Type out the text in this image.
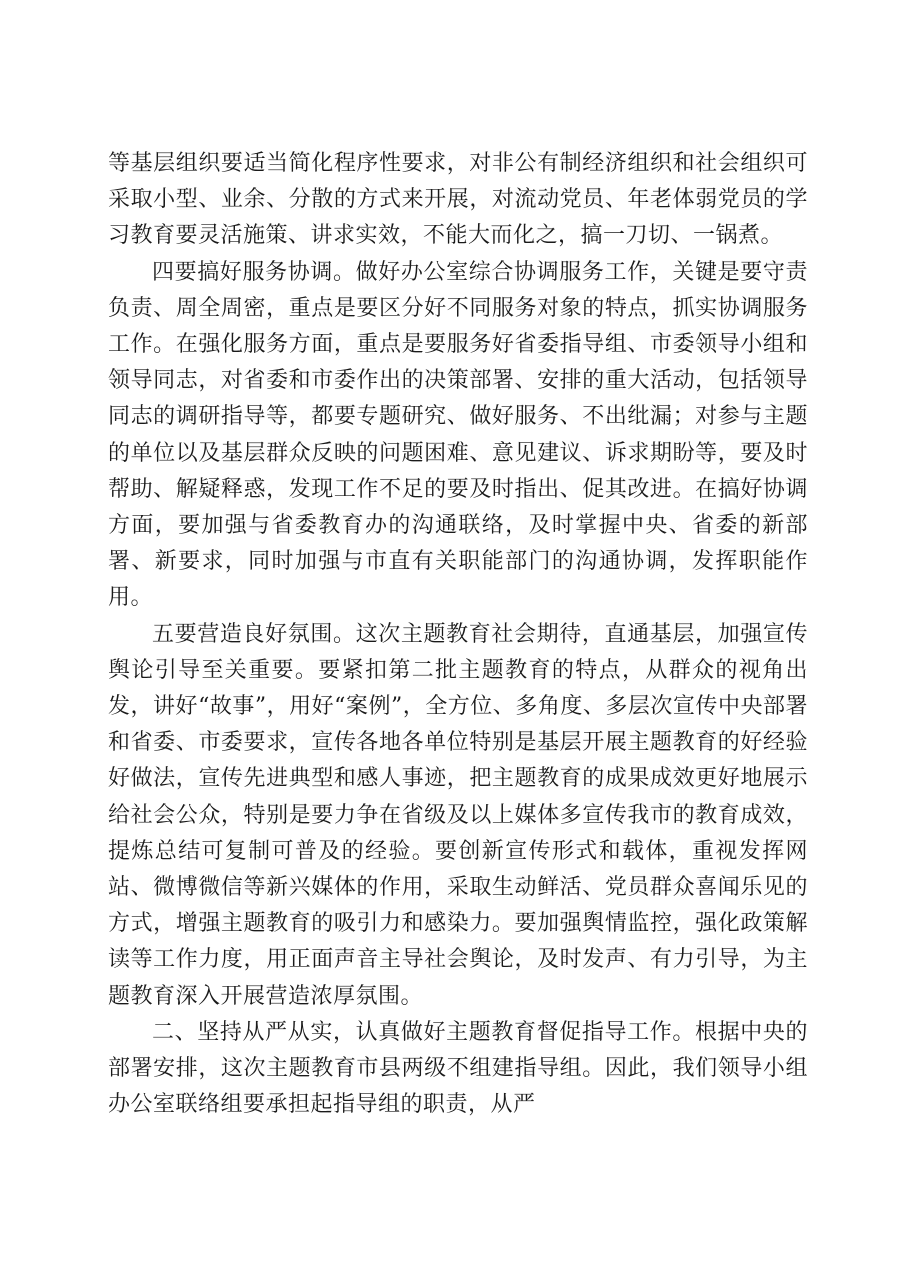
等基层组织要适当简化程序性要求，对非公有制经济组织和社会组织可采取小型、业余、分散的方式来开展，对流动党员、年老体弱党员的学习教育要灵活施策、讲求实效，不能大而化之，搞一刀切、一锅煮。

四要搞好服务协调。做好办公室综合协调服务工作，关键是要守责负责、周全周密，重点是要区分好不同服务对象的特点，抓实协调服务工作。在强化服务方面，重点是要服务好省委指导组、市委领导小组和领导同志，对省委和市委作出的决策部署、安排的重大活动，包括领导同志的调研指导等，都要专题研究、做好服务、不出纰漏；对参与主题的单位以及基层群众反映的问题困难、意见建议、诉求期盼等，要及时帮助、解疑释惑，发现工作不足的要及时指出、促其改进。在搞好协调方面，要加强与省委教育办的沟通联络，及时掌握中央、省委的新部署、新要求，同时加强与市直有关职能部门的沟通协调，发挥职能作用。

五要营造良好氛围。这次主题教育社会期待，直通基层，加强宣传舆论引导至关重要。要紧扣第二批主题教育的特点，从群众的视角出发，讲好“故事”，用好“案例”，全方位、多角度、多层次宣传中央部署和省委、市委要求，宣传各地各单位特别是基层开展主题教育的好经验好做法，宣传先进典型和感人事迹，把主题教育的成果成效更好地展示给社会公众，特别是要力争在省级及以上媒体多宣传我市的教育成效，提炼总结可复制可普及的经验。要创新宣传形式和载体，重视发挥网站、微博微信等新兴媒体的作用，采取生动鲜活、党员群众喜闻乐见的方式，增强主题教育的吸引力和感染力。要加强舆情监控，强化政策解读等工作力度，用正面声音主导社会舆论，及时发声、有力引导，为主题教育深入开展营造浓厚氛围。

二、坚持从严从实，认真做好主题教育督促指导工作。根据中央的部署安排，这次主题教育市县两级不组建指导组。因此，我们领导小组办公室联络组要承担起指导组的职责，从严
